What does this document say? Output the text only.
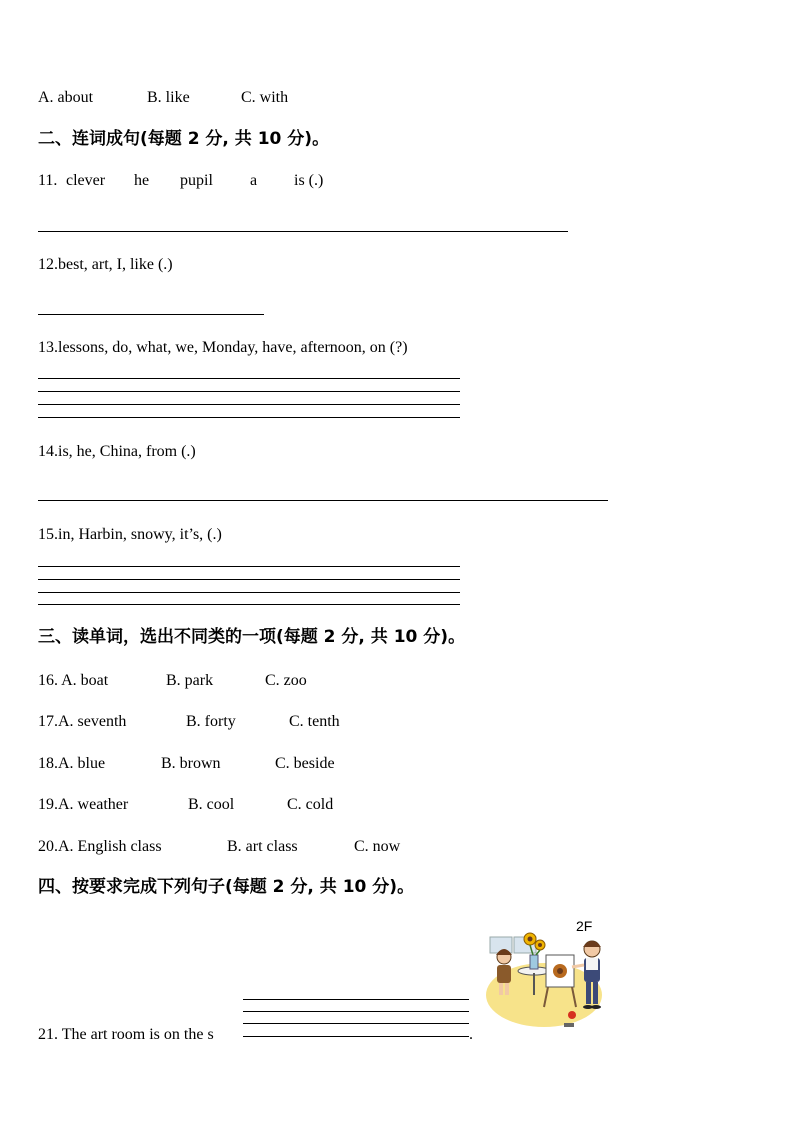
A. about	B. like	C. with
二、连词成句(每题 2 分, 共 10 分)。
11. clever he pupil a is (.)
12.best, art, I, like (.)
13.lessons, do, what, we, Monday, have, afternoon, on (?)
14.is, he, China, from (.)
15.in, Harbin, snowy, it’s, (.)
三、读单词，选出不同类的一项(每题 2 分, 共 10 分)。
16. A. boat	B. park	C. zoo
17.A. seventh	B. forty	C. tenth
18.A. blue	B. brown	C. beside
19.A. weather	B. cool	C. cold
20.A. English class	B. art class	C. now
四、按要求完成下列句子(每题 2 分, 共 10 分)。
21. The art room is on the s	.
2F
